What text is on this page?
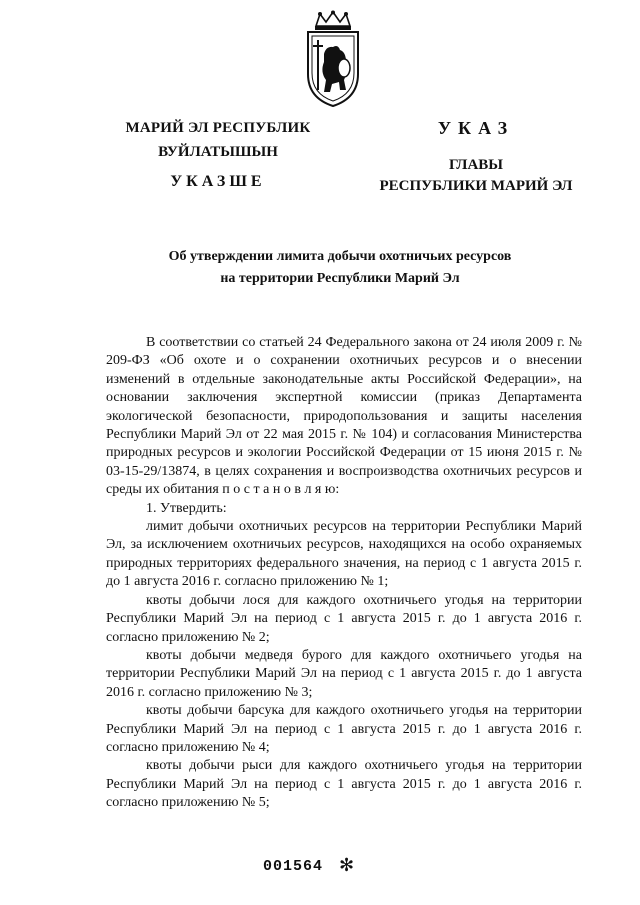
МАРИЙ ЭЛ РЕСПУБЛИК
ВУЙЛАТЫШЫН
УКАЗШЕ
УКАЗ
ГЛАВЫ
РЕСПУБЛИКИ МАРИЙ ЭЛ
Об утверждении лимита добычи охотничьих ресурсов
на территории Республики Марий Эл

В соответствии со статьей 24 Федерального закона от 24 июля 2009 г. № 209-ФЗ «Об охоте и о сохранении охотничьих ресурсов и о внесении изменений в отдельные законодательные акты Российской Федерации», на основании заключения экспертной комиссии (приказ Департамента экологической безопасности, природопользования и защиты населения Республики Марий Эл от 22 мая 2015 г. № 104) и согласования Министерства природных ресурсов и экологии Российской Федерации от 15 июня 2015 г. № 03-15-29/13874, в целях сохранения и воспроизводства охотничьих ресурсов и среды их обитания п о с т а н о в л я ю:

1. Утвердить:

лимит добычи охотничьих ресурсов на территории Республики Марий Эл, за исключением охотничьих ресурсов, находящихся на особо охраняемых природных территориях федерального значения, на период с 1 августа 2015 г. до 1 августа 2016 г. согласно приложению № 1;

квоты добычи лося для каждого охотничьего угодья на территории Республики Марий Эл на период с 1 августа 2015 г. до 1 августа 2016 г. согласно приложению № 2;

квоты добычи медведя бурого для каждого охотничьего угодья на территории Республики Марий Эл на период с 1 августа 2015 г. до 1 августа 2016 г. согласно приложению № 3;

квоты добычи барсука для каждого охотничьего угодья на территории Республики Марий Эл на период с 1 августа 2015 г. до 1 августа 2016 г. согласно приложению № 4;

квоты добычи рыси для каждого охотничьего угодья на территории Республики Марий Эл на период с 1 августа 2015 г. до 1 августа 2016 г. согласно приложению № 5;

001564 ✻
